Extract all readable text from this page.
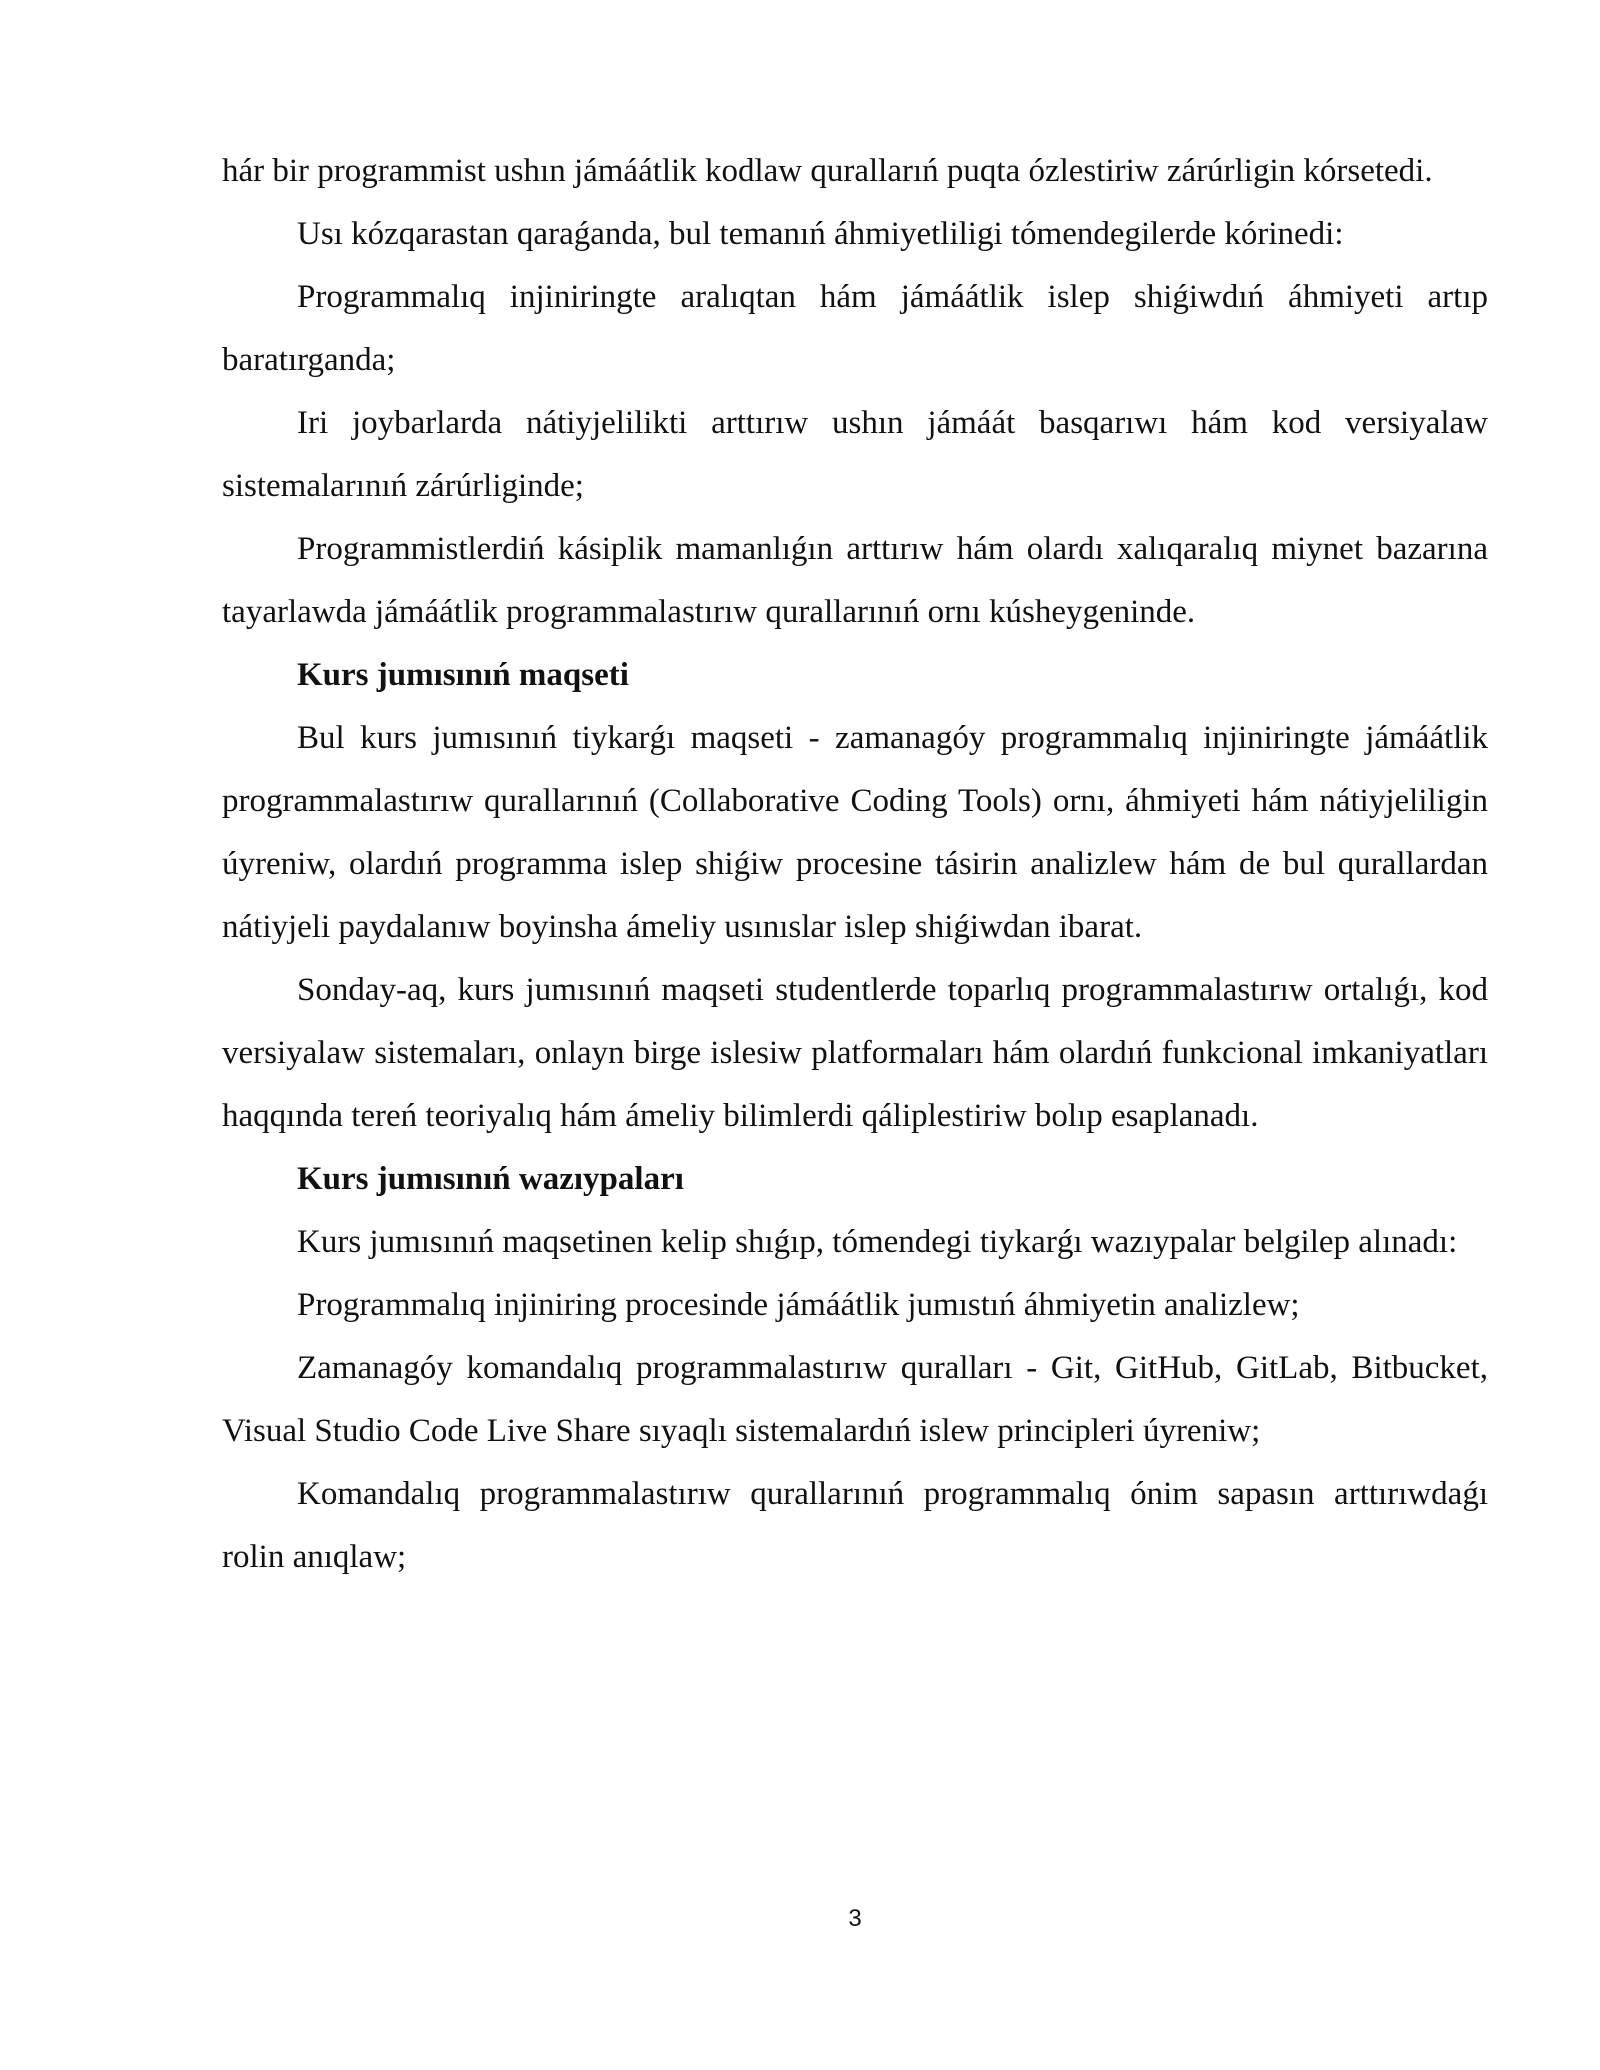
hár bir programmist ushın jámáátlik kodlaw qurallarıń puqta ózlestiriw zárúrligin kórsetedi.

Usı kózqarastan qaraǵanda, bul temanıń áhmiyetliligi tómendegilerde kórinedi:

Programmalıq injiniringte aralıqtan hám jámáátlik islep shiǵiwdıń áhmiyeti artıp baratırganda;

Iri joybarlarda nátiyjelilikti arttırıw ushın jámáát basqarıwı hám kod versiyalaw sistemalarınıń zárúrliginde;

Programmistlerdiń kásiplik mamanlıǵın arttırıw hám olardı xalıqaralıq miynet bazarına tayarlawda jámáátlik programmalastırıw qurallarınıń ornı kúsheygeninde.

Kurs jumısınıń maqseti

Bul kurs jumısınıń tiykarǵı maqseti - zamanagóy programmalıq injiniringte jámáátlik programmalastırıw qurallarınıń (Collaborative Coding Tools) ornı, áhmiyeti hám nátiyjeliligin úyreniw, olardıń programma islep shiǵiw procesine tásirin analizlew hám de bul qurallardan nátiyjeli paydalanıw boyinsha ámeliy usınıslar islep shiǵiwdan ibarat.

Sonday-aq, kurs jumısınıń maqseti studentlerde toparlıq programmalastırıw ortalıǵı, kod versiyalaw sistemaları, onlayn birge islesiw platformaları hám olardıń funkcional imkaniyatları haqqında tereń teoriyalıq hám ámeliy bilimlerdi qáliplestiriw bolıp esaplanadı.

Kurs jumısınıń wazıypaları

Kurs jumısınıń maqsetinen kelip shıǵıp, tómendegi tiykarǵı wazıypalar belgilep alınadı:

Programmalıq injiniring procesinde jámáátlik jumıstıń áhmiyetin analizlew;

Zamanagóy komandalıq programmalastırıw quralları - Git, GitHub, GitLab, Bitbucket, Visual Studio Code Live Share sıyaqlı sistemalardıń islew principleri úyreniw;

Komandalıq programmalastırıw qurallarınıń programmalıq ónim sapasın arttırıwdaǵı rolin anıqlaw;

3
